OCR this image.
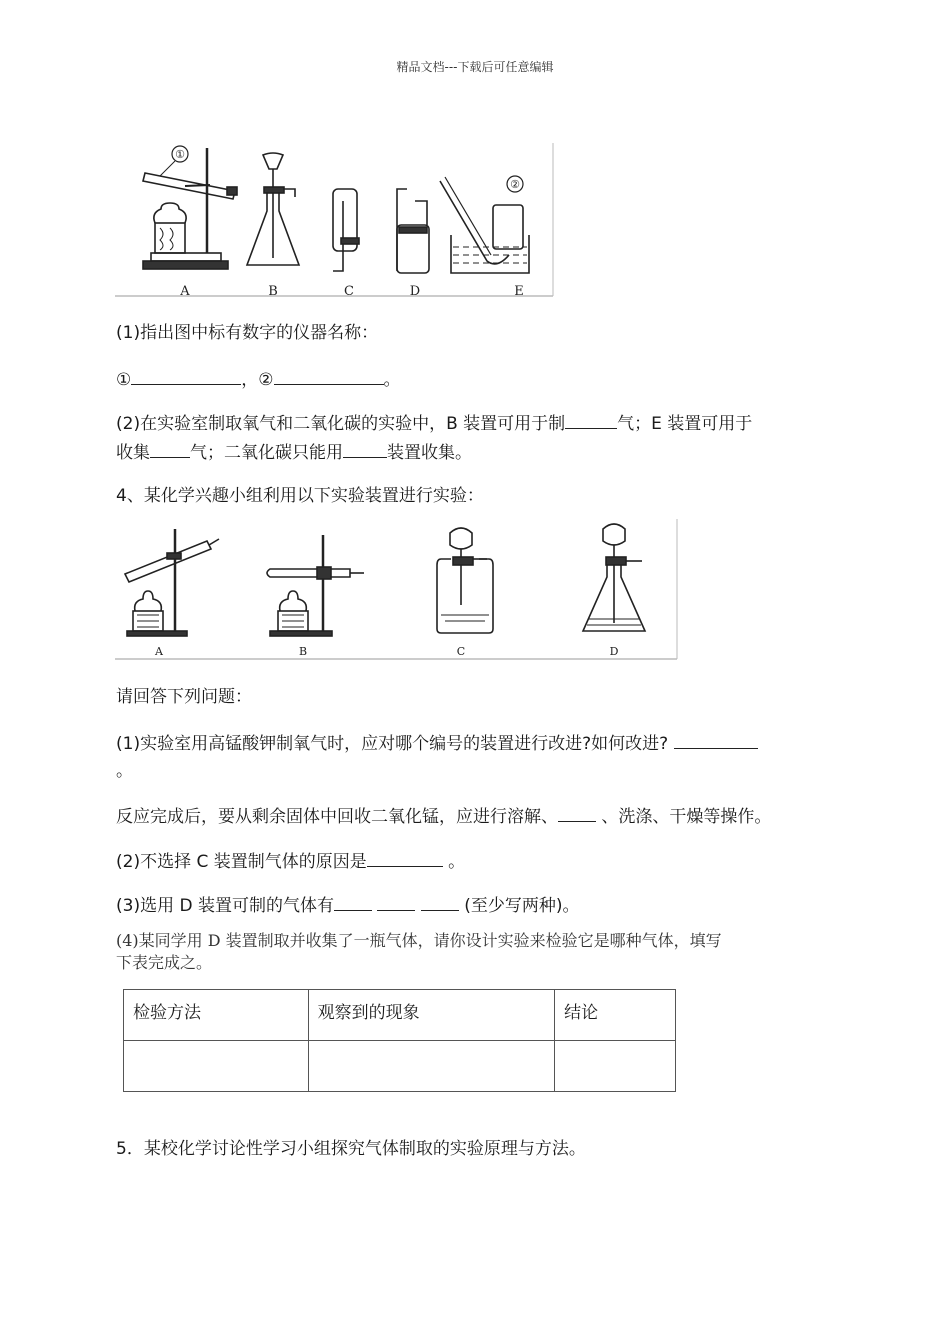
精品文档---下载后可任意编辑
①
②
A	B	C	D	E
(1)指出图中标有数字的仪器名称：
①	，②	。
(2)在实验室制取氧气和二氧化碳的实验中，B 装置可用于制	气；E 装置可用于
收集 气；二氧化碳只能用	装置收集。
4、某化学兴趣小组利用以下实验装置进行实验：
A	B	C	D
请回答下列问题：
(1)实验室用高锰酸钾制氧气时，应对哪个编号的装置进行改进?如何改进?
。
反应完成后，要从剩余固体中回收二氧化锰，应进行溶解、	、洗涤、干燥等操作。
(2)不选择 C 装置制气体的原因是	。
(3)选用 D 装置可制的气体有	(至少写两种)。
(4)某同学用 D 装置制取并收集了一瓶气体，请你设计实验来检验它是哪种气体，填写
下表完成之。
检验方法	观察到的现象	结论

5．某校化学讨论性学习小组探究气体制取的实验原理与方法。
